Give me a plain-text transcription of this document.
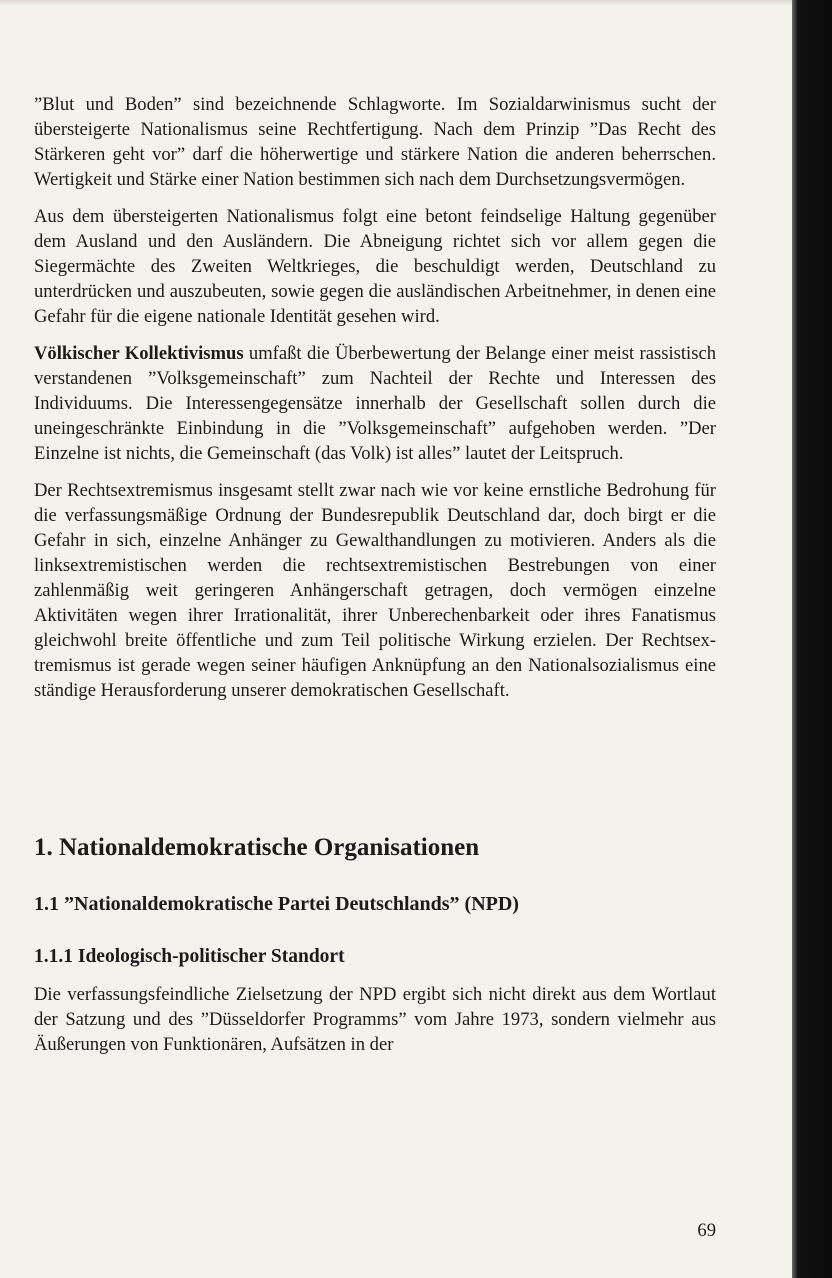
”Blut und Boden” sind bezeichnende Schlagworte. Im Sozialdarwinismus sucht der übersteigerte Nationalismus seine Rechtfertigung. Nach dem Prinzip ”Das Recht des Stärkeren geht vor” darf die höherwertige und stärkere Nation die anderen beherrschen. Wertigkeit und Stärke einer Nation bestimmen sich nach dem Durchsetzungsvermögen.

Aus dem übersteigerten Nationalismus folgt eine betont feindselige Haltung gegenüber dem Ausland und den Ausländern. Die Abneigung richtet sich vor allem gegen die Siegermächte des Zweiten Weltkrieges, die beschuldigt werden, Deutschland zu unterdrücken und auszubeuten, sowie gegen die ausländischen Arbeitnehmer, in denen eine Gefahr für die eigene nationale Identität gesehen wird.

Völkischer Kollektivismus umfaßt die Überbewertung der Belange einer meist rassistisch verstandenen ”Volksgemeinschaft” zum Nachteil der Rechte und Interessen des Individuums. Die Interessengegensätze innerhalb der Gesellschaft sollen durch die uneingeschränkte Einbindung in die ”Volksgemeinschaft” aufgehoben werden. ”Der Einzelne ist nichts, die Gemeinschaft (das Volk) ist alles” lautet der Leitspruch.

Der Rechtsextremismus insgesamt stellt zwar nach wie vor keine ernstliche Bedrohung für die verfassungsmäßige Ordnung der Bundesrepublik Deutschland dar, doch birgt er die Gefahr in sich, einzelne Anhänger zu Gewalthandlungen zu motivieren. Anders als die linksextremistischen werden die rechtsextremistischen Bestrebungen von einer zahlenmäßig weit geringeren Anhängerschaft getragen, doch vermögen einzelne Aktivitäten wegen ihrer Irrationalität, ihrer Unberechenbarkeit oder ihres Fanatismus gleichwohl breite öffentliche und zum Teil politische Wirkung erzielen. Der Rechtsextremismus ist gerade wegen seiner häufigen Anknüpfung an den Nationalsozialismus eine ständige Herausforderung unserer demokratischen Gesellschaft.

1. Nationaldemokratische Organisationen
1.1 ”Nationaldemokratische Partei Deutschlands” (NPD)
1.1.1 Ideologisch-politischer Standort

Die verfassungsfeindliche Zielsetzung der NPD ergibt sich nicht direkt aus dem Wortlaut der Satzung und des ”Düsseldorfer Programms” vom Jahre 1973, sondern vielmehr aus Äußerungen von Funktionären, Aufsätzen in der

69
